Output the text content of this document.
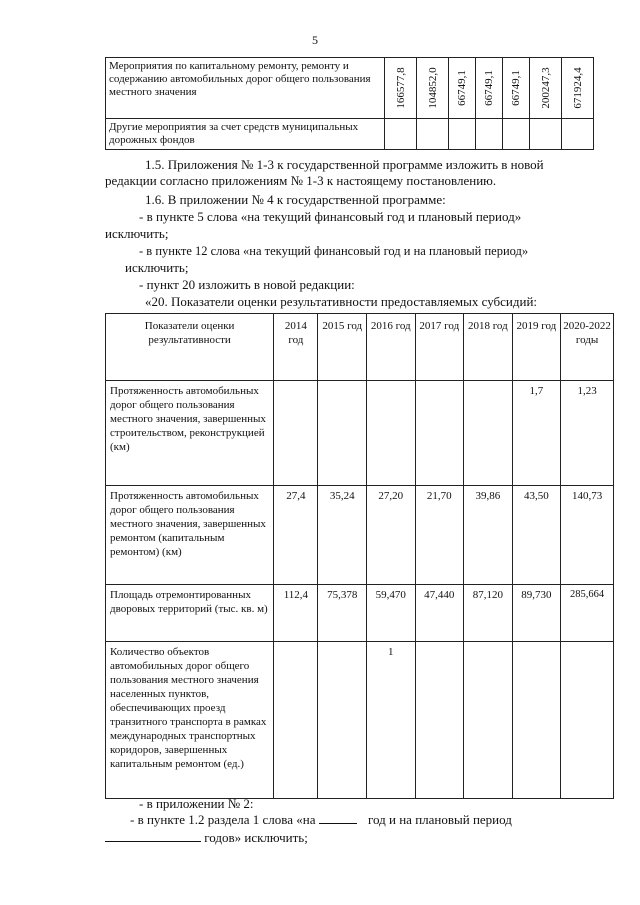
5
Мероприятия по капитальному ремонту, ремонту и содержанию автомобильных дорог общего пользования местного значения	166577,8	104852,0	66749,1	66749,1	66749,1	200247,3	671924,4

Другие мероприятия за счет средств муниципальных дорожных фондов							
1.5. Приложения № 1-3 к государственной программе изложить в новой
редакции согласно приложениям № 1-3 к настоящему постановлению.
1.6. В приложении № 4 к государственной программе:
- в пункте 5 слова «на текущий финансовый год и плановый период»
исключить;
- в пункте 12 слова «на текущий финансовый год и на плановый период»
исключить;
- пункт 20 изложить в новой редакции:
«20. Показатели оценки результативности предоставляемых субсидий:
Показатели оценки результативности	2014 год	2015 год	2016 год	2017 год	2018 год	2019 год	2020-2022 годы
Протяженность автомобильных дорог общего пользования местного значения, завершенных строительством, реконструкцией (км)						1,7	1,23
Протяженность автомобильных дорог общего пользования местного значения, завершенных ремонтом (капитальным ремонтом) (км)	27,4	35,24	27,20	21,70	39,86	43,50	140,73
Площадь отремонтированных дворовых территорий (тыс. кв. м)	112,4	75,378	59,470	47,440	87,120	89,730	285,664
Количество объектов автомобильных дорог общего пользования местного значения населенных пунктов, обеспечивающих проезд транзитного транспорта в рамках международных транспортных коридоров, завершенных капитальным ремонтом (ед.)			1				
- в приложении № 2:
- в пункте 1.2 раздела 1 слова «на	год и на плановый период
годов» исключить;
